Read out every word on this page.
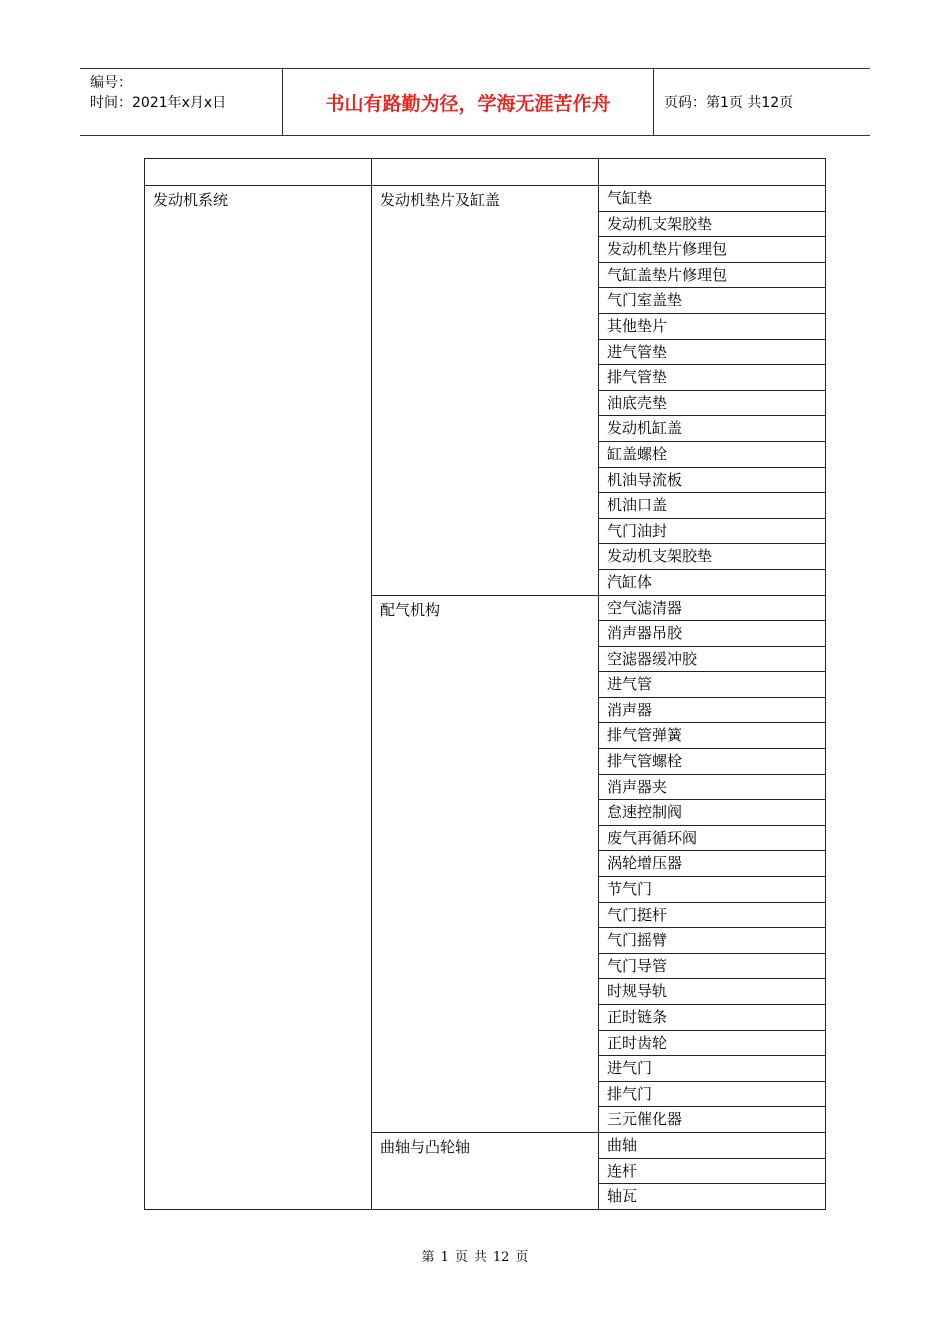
编号：
时间：2021年x月x日	书山有路勤为径，学海无涯苦作舟	页码：第1页 共12页

发动机系统	发动机垫片及缸盖	气缸垫
		发动机支架胶垫
		发动机垫片修理包
		气缸盖垫片修理包
		气门室盖垫
		其他垫片
		进气管垫
		排气管垫
		油底壳垫
		发动机缸盖
		缸盖螺栓
		机油导流板
		机油口盖
		气门油封
		发动机支架胶垫
		汽缸体
	配气机构	空气滤清器
		消声器吊胶
		空滤器缓冲胶
		进气管
		消声器
		排气管弹簧
		排气管螺栓
		消声器夹
		怠速控制阀
		废气再循环阀
		涡轮增压器
		节气门
		气门挺杆
		气门摇臂
		气门导管
		时规导轨
		正时链条
		正时齿轮
		进气门
		排气门
		三元催化器
	曲轴与凸轮轴	曲轴
		连杆
		轴瓦
第 1 页 共 12 页
